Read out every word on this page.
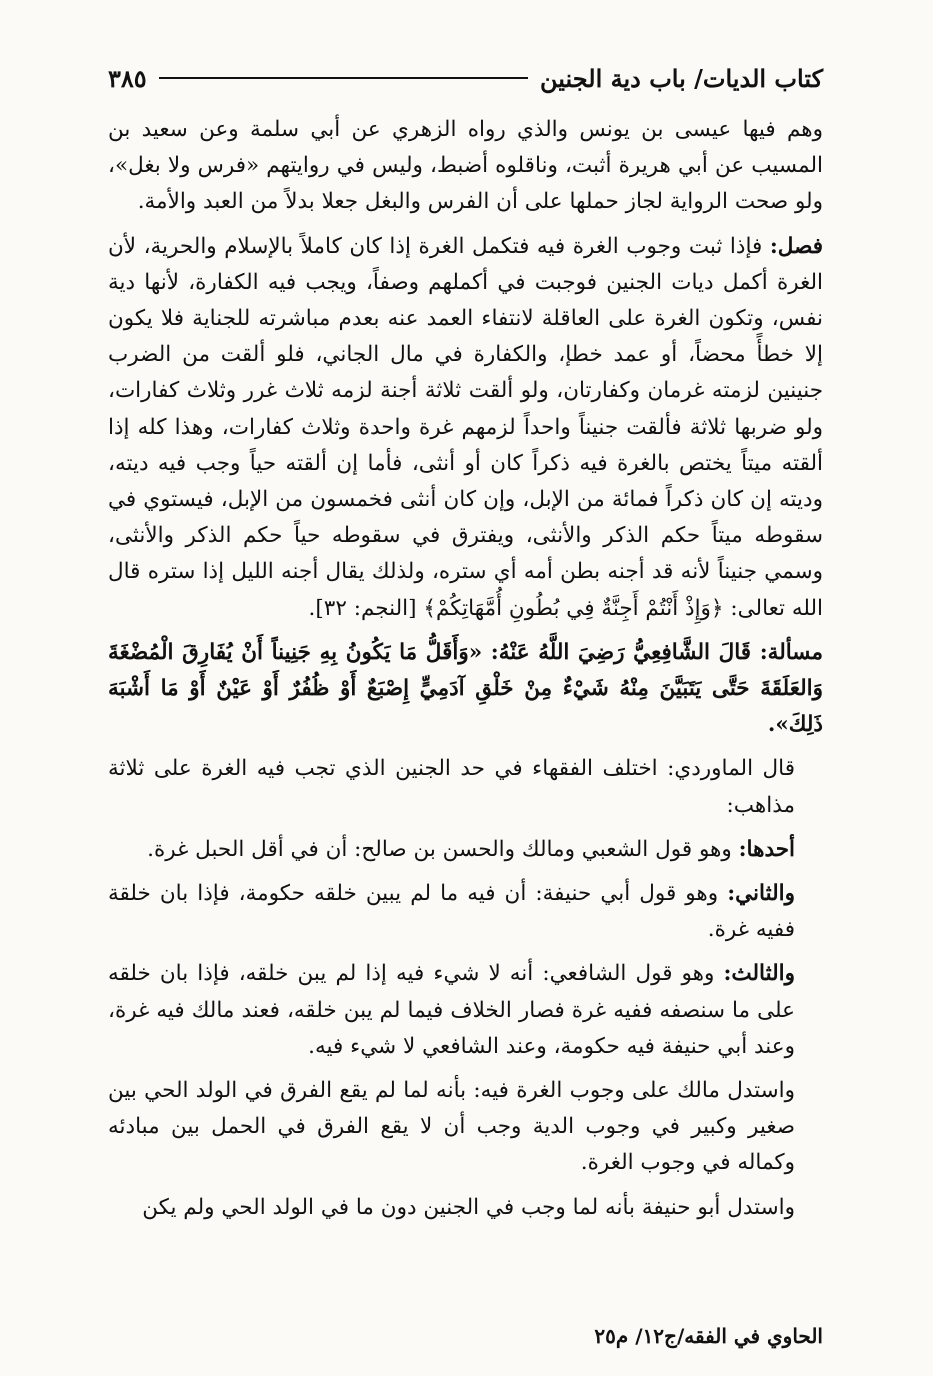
كتاب الديات/ باب دية الجنين
٣٨٥

وهم فيها عيسى بن يونس والذي رواه الزهري عن أبي سلمة وعن سعيد بن المسيب عن أبي هريرة أثبت، وناقلوه أضبط، وليس في روايتهم «فرس ولا بغل»، ولو صحت الرواية لجاز حملها على أن الفرس والبغل جعلا بدلاً من العبد والأمة.

فصل: فإذا ثبت وجوب الغرة فيه فتكمل الغرة إذا كان كاملاً بالإسلام والحرية، لأن الغرة أكمل ديات الجنين فوجبت في أكملهم وصفاً، ويجب فيه الكفارة، لأنها دية نفس، وتكون الغرة على العاقلة لانتفاء العمد عنه بعدم مباشرته للجناية فلا يكون إلا خطأً محضاً، أو عمد خطإ، والكفارة في مال الجاني، فلو ألقت من الضرب جنينين لزمته غرمان وكفارتان، ولو ألقت ثلاثة أجنة لزمه ثلاث غرر وثلاث كفارات، ولو ضربها ثلاثة فألقت جنيناً واحداً لزمهم غرة واحدة وثلاث كفارات، وهذا كله إذا ألقته ميتاً يختص بالغرة فيه ذكراً كان أو أنثى، فأما إن ألقته حياً وجب فيه ديته، وديته إن كان ذكراً فمائة من الإبل، وإن كان أنثى فخمسون من الإبل، فيستوي في سقوطه ميتاً حكم الذكر والأنثى، ويفترق في سقوطه حياً حكم الذكر والأنثى، وسمي جنيناً لأنه قد أجنه بطن أمه أي ستره، ولذلك يقال أجنه الليل إذا ستره قال الله تعالى: ﴿وَإِذْ أَنْتُمْ أَجِنَّةٌ فِي بُطُونِ أُمَّهَاتِكُمْ﴾ [النجم: ٣٢].

مسألة: قَالَ الشَّافِعِيُّ رَضِيَ اللَّهُ عَنْهُ: «وَأَقَلُّ مَا يَكُونُ بِهِ جَنِيناً أَنْ يُفَارِقَ الْمُضْغَةَ وَالعَلَقَةَ حَتَّى يَتَبَيَّنَ مِنْهُ شَيْءٌ مِنْ خَلْقِ آدَمِيٍّ إِصْبَعٌ أَوْ ظُفُرٌ أَوْ عَيْنٌ أَوْ مَا أَشْبَهَ ذَلِكَ».

قال الماوردي: اختلف الفقهاء في حد الجنين الذي تجب فيه الغرة على ثلاثة مذاهب:

أحدها: وهو قول الشعبي ومالك والحسن بن صالح: أن في أقل الحبل غرة.

والثاني: وهو قول أبي حنيفة: أن فيه ما لم يبين خلقه حكومة، فإذا بان خلقة ففيه غرة.

والثالث: وهو قول الشافعي: أنه لا شيء فيه إذا لم يبن خلقه، فإذا بان خلقه على ما سنصفه ففيه غرة فصار الخلاف فيما لم يبن خلقه، فعند مالك فيه غرة، وعند أبي حنيفة فيه حكومة، وعند الشافعي لا شيء فيه.

واستدل مالك على وجوب الغرة فيه: بأنه لما لم يقع الفرق في الولد الحي بين صغير وكبير في وجوب الدية وجب أن لا يقع الفرق في الحمل بين مبادئه وكماله في وجوب الغرة.

واستدل أبو حنيفة بأنه لما وجب في الجنين دون ما في الولد الحي ولم يكن

الحاوي في الفقه/ج١٢/ م٢٥
